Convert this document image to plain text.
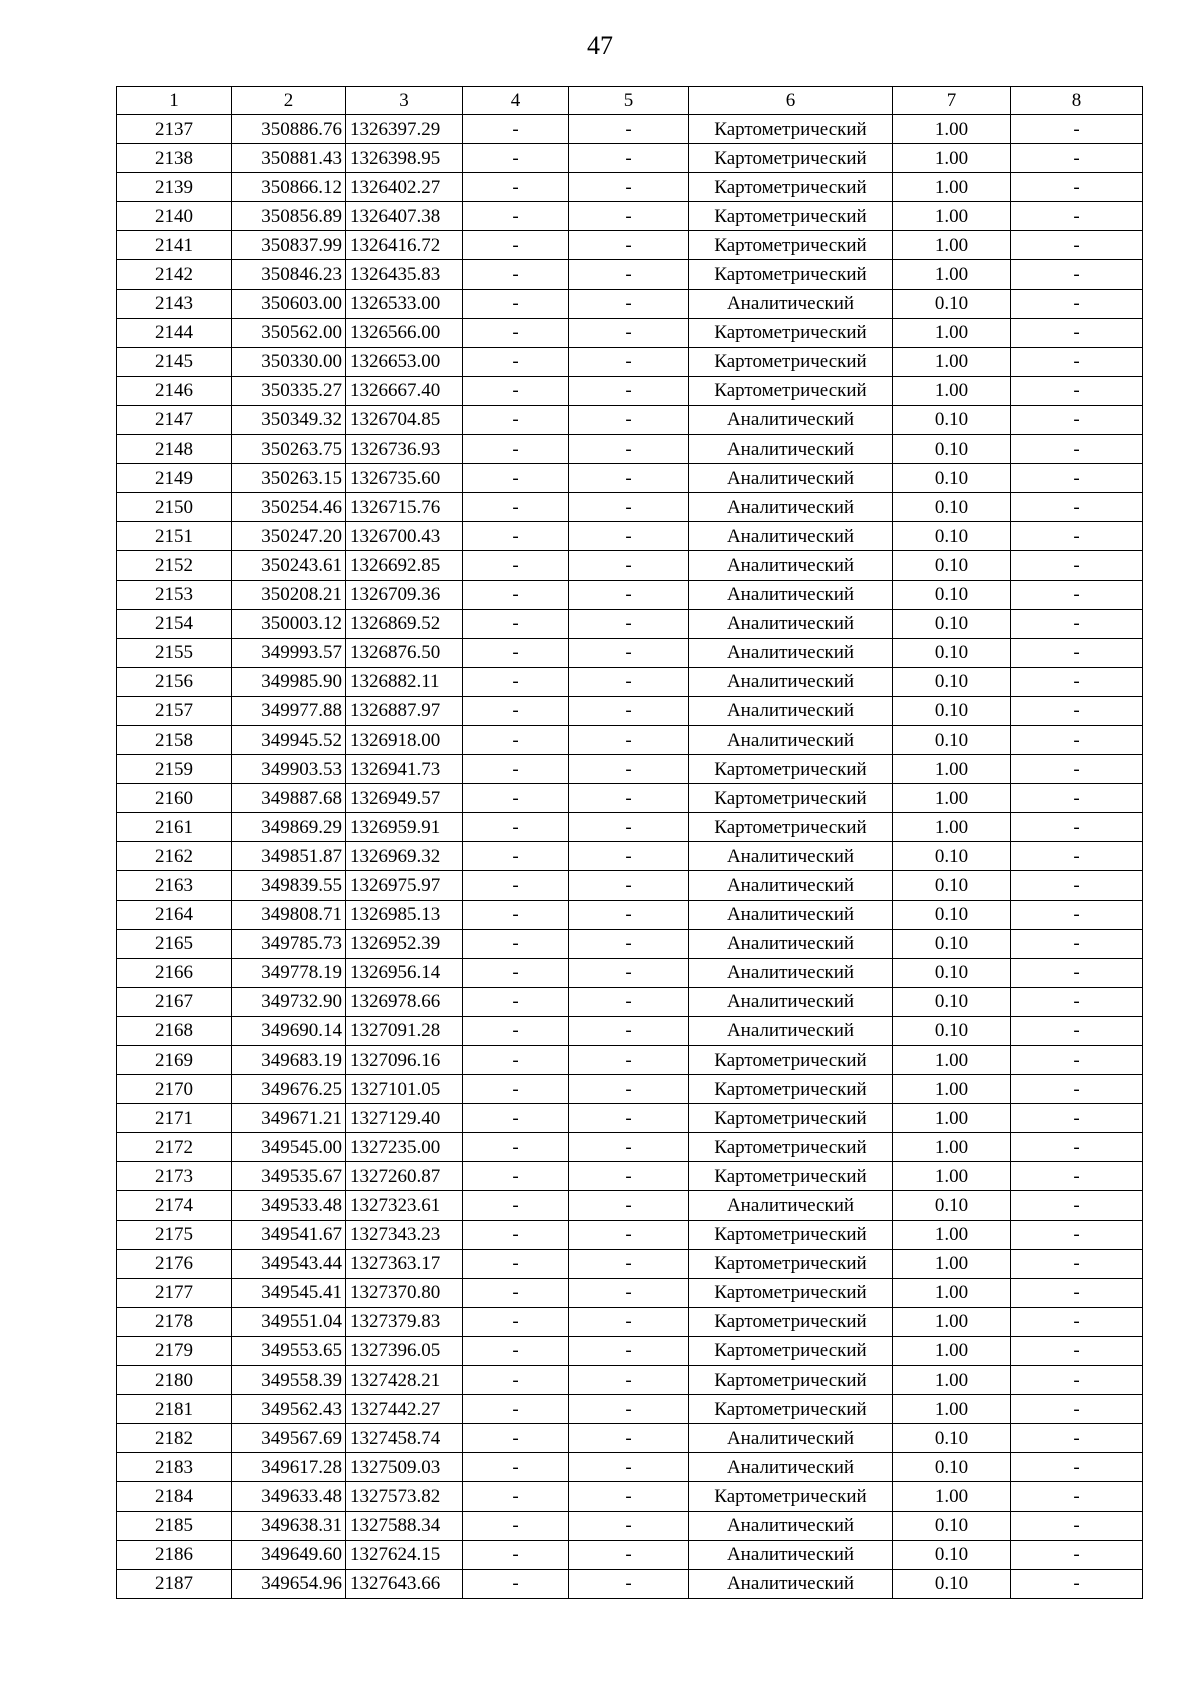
47
1	2	3	4	5	6	7	8
2137	350886.76	1326397.29	-	-	Картометрический	1.00	-
2138	350881.43	1326398.95	-	-	Картометрический	1.00	-
2139	350866.12	1326402.27	-	-	Картометрический	1.00	-
2140	350856.89	1326407.38	-	-	Картометрический	1.00	-
2141	350837.99	1326416.72	-	-	Картометрический	1.00	-
2142	350846.23	1326435.83	-	-	Картометрический	1.00	-
2143	350603.00	1326533.00	-	-	Аналитический	0.10	-
2144	350562.00	1326566.00	-	-	Картометрический	1.00	-
2145	350330.00	1326653.00	-	-	Картометрический	1.00	-
2146	350335.27	1326667.40	-	-	Картометрический	1.00	-
2147	350349.32	1326704.85	-	-	Аналитический	0.10	-
2148	350263.75	1326736.93	-	-	Аналитический	0.10	-
2149	350263.15	1326735.60	-	-	Аналитический	0.10	-
2150	350254.46	1326715.76	-	-	Аналитический	0.10	-
2151	350247.20	1326700.43	-	-	Аналитический	0.10	-
2152	350243.61	1326692.85	-	-	Аналитический	0.10	-
2153	350208.21	1326709.36	-	-	Аналитический	0.10	-
2154	350003.12	1326869.52	-	-	Аналитический	0.10	-
2155	349993.57	1326876.50	-	-	Аналитический	0.10	-
2156	349985.90	1326882.11	-	-	Аналитический	0.10	-
2157	349977.88	1326887.97	-	-	Аналитический	0.10	-
2158	349945.52	1326918.00	-	-	Аналитический	0.10	-
2159	349903.53	1326941.73	-	-	Картометрический	1.00	-
2160	349887.68	1326949.57	-	-	Картометрический	1.00	-
2161	349869.29	1326959.91	-	-	Картометрический	1.00	-
2162	349851.87	1326969.32	-	-	Аналитический	0.10	-
2163	349839.55	1326975.97	-	-	Аналитический	0.10	-
2164	349808.71	1326985.13	-	-	Аналитический	0.10	-
2165	349785.73	1326952.39	-	-	Аналитический	0.10	-
2166	349778.19	1326956.14	-	-	Аналитический	0.10	-
2167	349732.90	1326978.66	-	-	Аналитический	0.10	-
2168	349690.14	1327091.28	-	-	Аналитический	0.10	-
2169	349683.19	1327096.16	-	-	Картометрический	1.00	-
2170	349676.25	1327101.05	-	-	Картометрический	1.00	-
2171	349671.21	1327129.40	-	-	Картометрический	1.00	-
2172	349545.00	1327235.00	-	-	Картометрический	1.00	-
2173	349535.67	1327260.87	-	-	Картометрический	1.00	-
2174	349533.48	1327323.61	-	-	Аналитический	0.10	-
2175	349541.67	1327343.23	-	-	Картометрический	1.00	-
2176	349543.44	1327363.17	-	-	Картометрический	1.00	-
2177	349545.41	1327370.80	-	-	Картометрический	1.00	-
2178	349551.04	1327379.83	-	-	Картометрический	1.00	-
2179	349553.65	1327396.05	-	-	Картометрический	1.00	-
2180	349558.39	1327428.21	-	-	Картометрический	1.00	-
2181	349562.43	1327442.27	-	-	Картометрический	1.00	-
2182	349567.69	1327458.74	-	-	Аналитический	0.10	-
2183	349617.28	1327509.03	-	-	Аналитический	0.10	-
2184	349633.48	1327573.82	-	-	Картометрический	1.00	-
2185	349638.31	1327588.34	-	-	Аналитический	0.10	-
2186	349649.60	1327624.15	-	-	Аналитический	0.10	-
2187	349654.96	1327643.66	-	-	Аналитический	0.10	-
